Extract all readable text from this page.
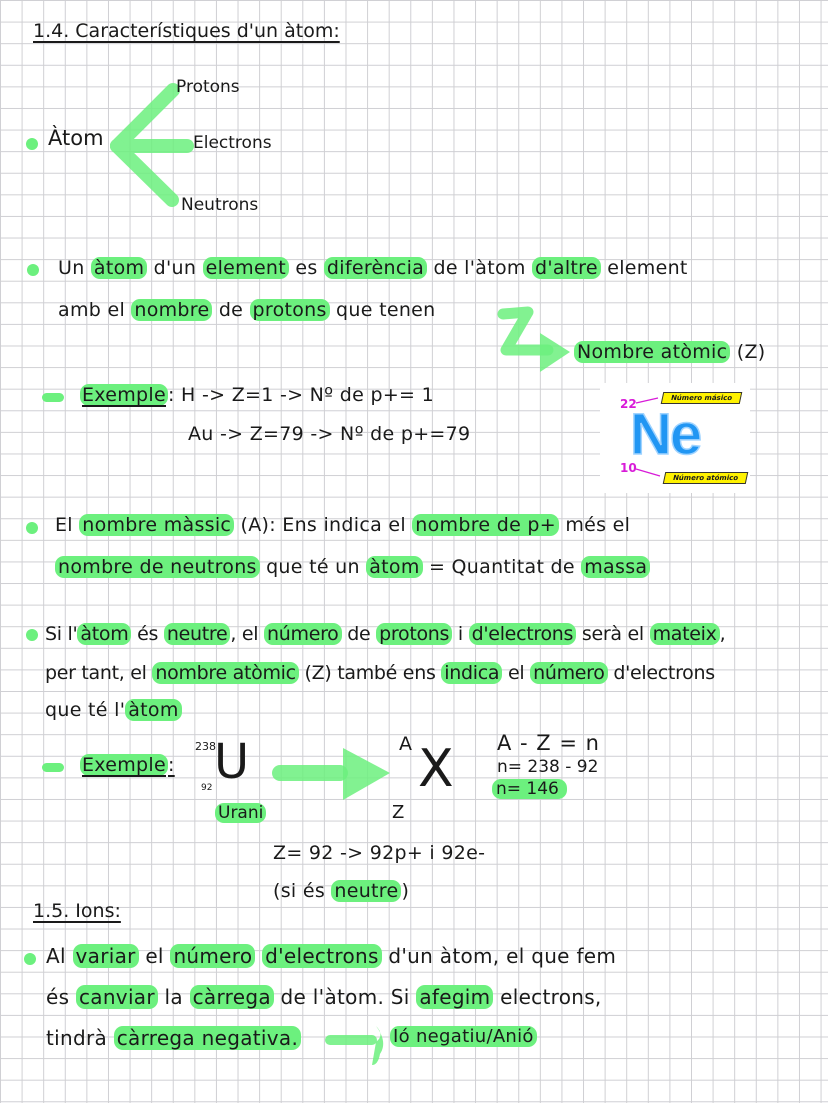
1.4. Característiques d'un àtom:
Àtom
Protons
Electrons
Neutrons
Un àtom d'un element es diferència de l'àtom d'altre element
amb el nombre de protons que tenen
Nombre atòmic (Z)
Exemple : H -> Z=1 -> Nº de p+= 1
Au -> Z=79 -> Nº de p+=79
22
10
Número másico
Número atómico
Ne
El nombre màssic (A): Ens indica el nombre de p+ més el
nombre de neutrons que té un àtom = Quantitat de massa
Si l' àtom és neutre , el número de protons i d'electrons serà el mateix ,
per tant, el nombre atòmic (Z) també ens indica el número d'electrons
que té l' àtom
Exemple :
238
92 U
Urani
A
Z
X A - Z = n
n= 238 - 92
n= 146
Z= 92 -> 92p+ i 92e-
(si és neutre )
1.5. Ions:
Al variar el número d'electrons d'un àtom, el que fem
és canviar la càrrega de l'àtom. Si afegim electrons,
tindrà càrrega negativa.	Ió negatiu/Anió
